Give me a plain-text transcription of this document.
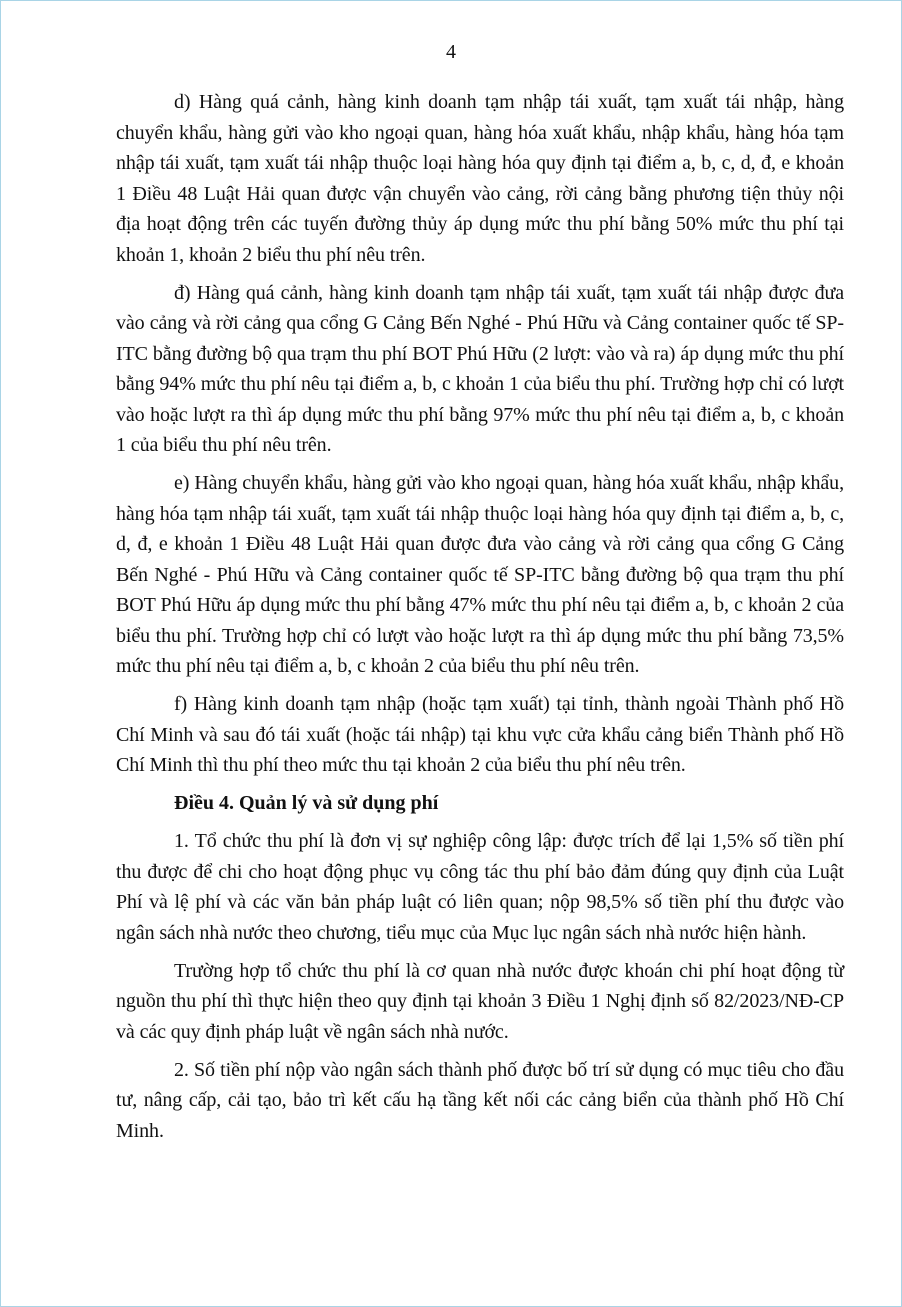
4

d) Hàng quá cảnh, hàng kinh doanh tạm nhập tái xuất, tạm xuất tái nhập, hàng chuyển khẩu, hàng gửi vào kho ngoại quan, hàng hóa xuất khẩu, nhập khẩu, hàng hóa tạm nhập tái xuất, tạm xuất tái nhập thuộc loại hàng hóa quy định tại điểm a, b, c, d, đ, e khoản 1 Điều 48 Luật Hải quan được vận chuyển vào cảng, rời cảng bằng phương tiện thủy nội địa hoạt động trên các tuyến đường thủy áp dụng mức thu phí bằng 50% mức thu phí tại khoản 1, khoản 2 biểu thu phí nêu trên.

đ) Hàng quá cảnh, hàng kinh doanh tạm nhập tái xuất, tạm xuất tái nhập được đưa vào cảng và rời cảng qua cổng G Cảng Bến Nghé - Phú Hữu và Cảng container quốc tế SP-ITC bằng đường bộ qua trạm thu phí BOT Phú Hữu (2 lượt: vào và ra) áp dụng mức thu phí bằng 94% mức thu phí nêu tại điểm a, b, c khoản 1 của biểu thu phí. Trường hợp chỉ có lượt vào hoặc lượt ra thì áp dụng mức thu phí bằng 97% mức thu phí nêu tại điểm a, b, c khoản 1 của biểu thu phí nêu trên.

e) Hàng chuyển khẩu, hàng gửi vào kho ngoại quan, hàng hóa xuất khẩu, nhập khẩu, hàng hóa tạm nhập tái xuất, tạm xuất tái nhập thuộc loại hàng hóa quy định tại điểm a, b, c, d, đ, e khoản 1 Điều 48 Luật Hải quan được đưa vào cảng và rời cảng qua cổng G Cảng Bến Nghé - Phú Hữu và Cảng container quốc tế SP-ITC bằng đường bộ qua trạm thu phí BOT Phú Hữu áp dụng mức thu phí bằng 47% mức thu phí nêu tại điểm a, b, c khoản 2 của biểu thu phí. Trường hợp chỉ có lượt vào hoặc lượt ra thì áp dụng mức thu phí bằng 73,5% mức thu phí nêu tại điểm a, b, c khoản 2 của biểu thu phí nêu trên.

f) Hàng kinh doanh tạm nhập (hoặc tạm xuất) tại tỉnh, thành ngoài Thành phố Hồ Chí Minh và sau đó tái xuất (hoặc tái nhập) tại khu vực cửa khẩu cảng biển Thành phố Hồ Chí Minh thì thu phí theo mức thu tại khoản 2 của biểu thu phí nêu trên.

Điều 4. Quản lý và sử dụng phí

1. Tổ chức thu phí là đơn vị sự nghiệp công lập: được trích để lại 1,5% số tiền phí thu được để chi cho hoạt động phục vụ công tác thu phí bảo đảm đúng quy định của Luật Phí và lệ phí và các văn bản pháp luật có liên quan; nộp 98,5% số tiền phí thu được vào ngân sách nhà nước theo chương, tiểu mục của Mục lục ngân sách nhà nước hiện hành.

Trường hợp tổ chức thu phí là cơ quan nhà nước được khoán chi phí hoạt động từ nguồn thu phí thì thực hiện theo quy định tại khoản 3 Điều 1 Nghị định số 82/2023/NĐ-CP và các quy định pháp luật về ngân sách nhà nước.

2. Số tiền phí nộp vào ngân sách thành phố được bố trí sử dụng có mục tiêu cho đầu tư, nâng cấp, cải tạo, bảo trì kết cấu hạ tầng kết nối các cảng biển của thành phố Hồ Chí Minh.
